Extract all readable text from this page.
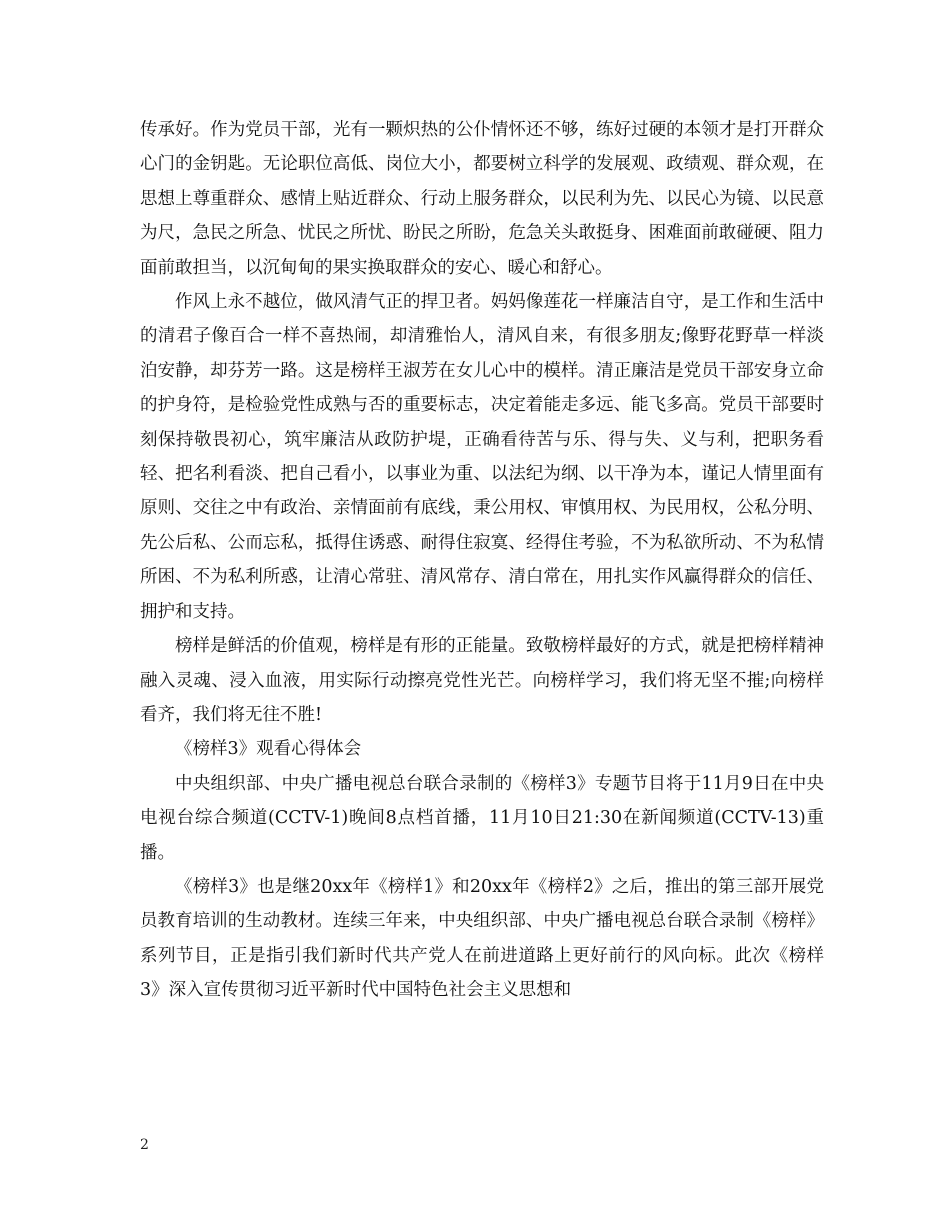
传承好。作为党员干部，光有一颗炽热的公仆情怀还不够，练好过硬的本领才是打开群众心门的金钥匙。无论职位高低、岗位大小，都要树立科学的发展观、政绩观、群众观，在思想上尊重群众、感情上贴近群众、行动上服务群众，以民利为先、以民心为镜、以民意为尺，急民之所急、忧民之所忧、盼民之所盼，危急关头敢挺身、困难面前敢碰硬、阻力面前敢担当，以沉甸甸的果实换取群众的安心、暖心和舒心。

作风上永不越位，做风清气正的捍卫者。妈妈像莲花一样廉洁自守，是工作和生活中的清君子像百合一样不喜热闹，却清雅怡人，清风自来，有很多朋友;像野花野草一样淡泊安静，却芬芳一路。这是榜样王淑芳在女儿心中的模样。清正廉洁是党员干部安身立命的护身符，是检验党性成熟与否的重要标志，决定着能走多远、能飞多高。党员干部要时刻保持敬畏初心，筑牢廉洁从政防护堤，正确看待苦与乐、得与失、义与利，把职务看轻、把名利看淡、把自己看小，以事业为重、以法纪为纲、以干净为本，谨记人情里面有原则、交往之中有政治、亲情面前有底线，秉公用权、审慎用权、为民用权，公私分明、先公后私、公而忘私，抵得住诱惑、耐得住寂寞、经得住考验，不为私欲所动、不为私情所困、不为私利所惑，让清心常驻、清风常存、清白常在，用扎实作风赢得群众的信任、拥护和支持。

榜样是鲜活的价值观，榜样是有形的正能量。致敬榜样最好的方式，就是把榜样精神融入灵魂、浸入血液，用实际行动擦亮党性光芒。向榜样学习，我们将无坚不摧;向榜样看齐，我们将无往不胜!

《榜样3》观看心得体会

中央组织部、中央广播电视总台联合录制的《榜样3》专题节目将于11月9日在中央电视台综合频道(CCTV-1)晚间8点档首播，11月10日21:30在新闻频道(CCTV-13)重播。

《榜样3》也是继20xx年《榜样1》和20xx年《榜样2》之后，推出的第三部开展党员教育培训的生动教材。连续三年来，中央组织部、中央广播电视总台联合录制《榜样》系列节目，正是指引我们新时代共产党人在前进道路上更好前行的风向标。此次《榜样3》深入宣传贯彻习近平新时代中国特色社会主义思想和

2
